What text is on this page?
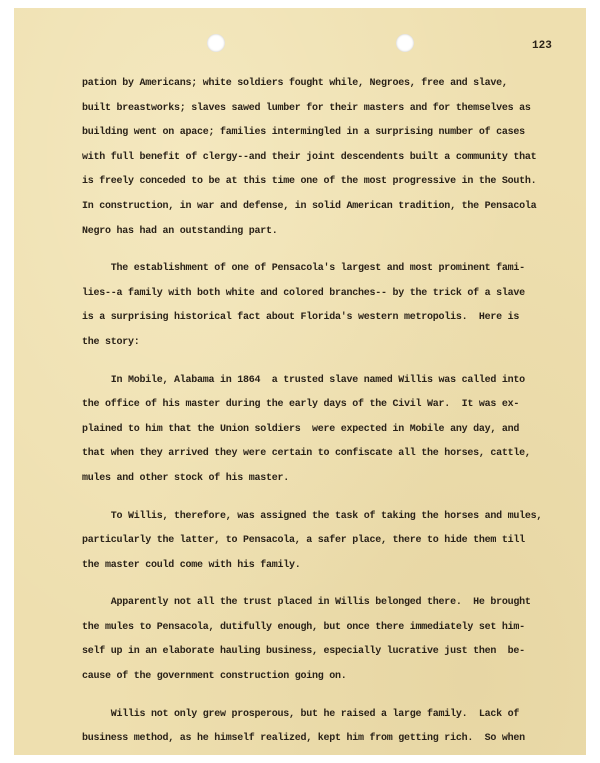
123
pation by Americans; white soldiers fought while, Negroes, free and slave,
built breastworks; slaves sawed lumber for their masters and for themselves as
building went on apace; families intermingled in a surprising number of cases
with full benefit of clergy--and their joint descendents built a community that
is freely conceded to be at this time one of the most progressive in the South.
In construction, in war and defense, in solid American tradition, the Pensacola
Negro has had an outstanding part.
The establishment of one of Pensacola's largest and most prominent fami-
lies--a family with both white and colored branches-- by the trick of a slave
is a surprising historical fact about Florida's western metropolis.  Here is
the story:
In Mobile, Alabama in 1864  a trusted slave named Willis was called into
the office of his master during the early days of the Civil War.  It was ex-
plained to him that the Union soldiers  were expected in Mobile any day, and
that when they arrived they were certain to confiscate all the horses, cattle,
mules and other stock of his master.
To Willis, therefore, was assigned the task of taking the horses and mules,
particularly the latter, to Pensacola, a safer place, there to hide them till
the master could come with his family.
Apparently not all the trust placed in Willis belonged there.  He brought
the mules to Pensacola, dutifully enough, but once there immediately set him-
self up in an elaborate hauling business, especially lucrative just then  be-
cause of the government construction going on.
Willis not only grew prosperous, but he raised a large family.  Lack of
business method, as he himself realized, kept him from getting rich.  So when
